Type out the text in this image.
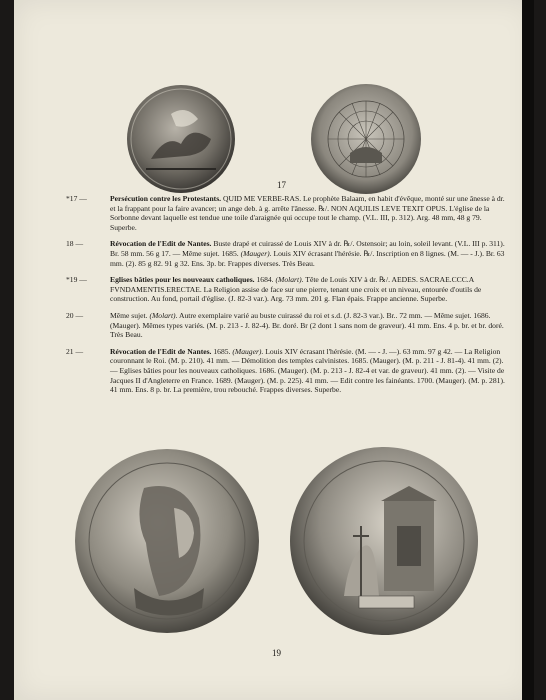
17
*17 —	Persécution contre les Protestants. QUID ME VERBE-RAS. Le prophète Balaam, en habit d'évêque, monté sur une ânesse à dr. et la frappant pour la faire avancer; un ange deb. à g. arrête l'ânesse. ℞/. NON AQUILIS LEVE TEXIT OPUS. L'église de la Sorbonne devant laquelle est tendue une toile d'araignée qui occupe tout le champ. (V.L. III, p. 312). Arg. 48 mm, 48 g 79. Superbe.
18 —	Révocation de l'Edit de Nantes. Buste drapé et cuirassé de Louis XIV à dr. ℞/. Ostensoir; au loin, soleil levant. (V.L. III p. 311). Br. 58 mm. 56 g 17. — Même sujet. 1685. (Mauger). Louis XIV écrasant l'hérésie. ℞/. Inscription en 8 lignes. (M. — - J.). Br. 63 mm. (2). 85 g 82. 91 g 32. Ens. 3p. br. Frappes diverses. Très Beau.
*19 —	Eglises bâties pour les nouveaux catholiques. 1684. (Molart). Tête de Louis XIV à dr. ℞/. AEDES. SACRAE.CCC.A FVNDAMENTIS.ERECTAE. La Religion assise de face sur une pierre, tenant une croix et un niveau, entourée d'outils de construction. Au fond, portail d'église. (J. 82-3 var.). Arg. 73 mm. 201 g. Flan épais. Frappe ancienne. Superbe.
20 —	Même sujet. (Molart). Autre exemplaire varié au buste cuirassé du roi et s.d. (J. 82-3 var.). Br.. 72 mm. — Même sujet. 1686. (Mauger). Mêmes types variés. (M. p. 213 - J. 82-4). Br. doré. Br (2 dont 1 sans nom de graveur). 41 mm. Ens. 4 p. br. et br. doré. Très Beau.
21 —	Révocation de l'Edit de Nantes. 1685. (Mauger). Louis XIV écrasant l'hérésie. (M. — - J. —). 63 mm. 97 g 42. — La Religion couronnant le Roi. (M. p. 210). 41 mm. — Démolition des temples calvinistes. 1685. (Mauger). (M. p. 211 - J. 81-4). 41 mm. (2). — Eglises bâties pour les nouveaux catholiques. 1686. (Mauger). (M. p. 213 - J. 82-4 et var. de graveur). 41 mm. (2). — Visite de Jacques II d'Angleterre en France. 1689. (Mauger). (M. p. 225). 41 mm. — Edit contre les fainéants. 1700. (Mauger). (M. p. 281). 41 mm. Ens. 8 p. br. La première, trou rebouché. Frappes diverses. Superbe.
19
